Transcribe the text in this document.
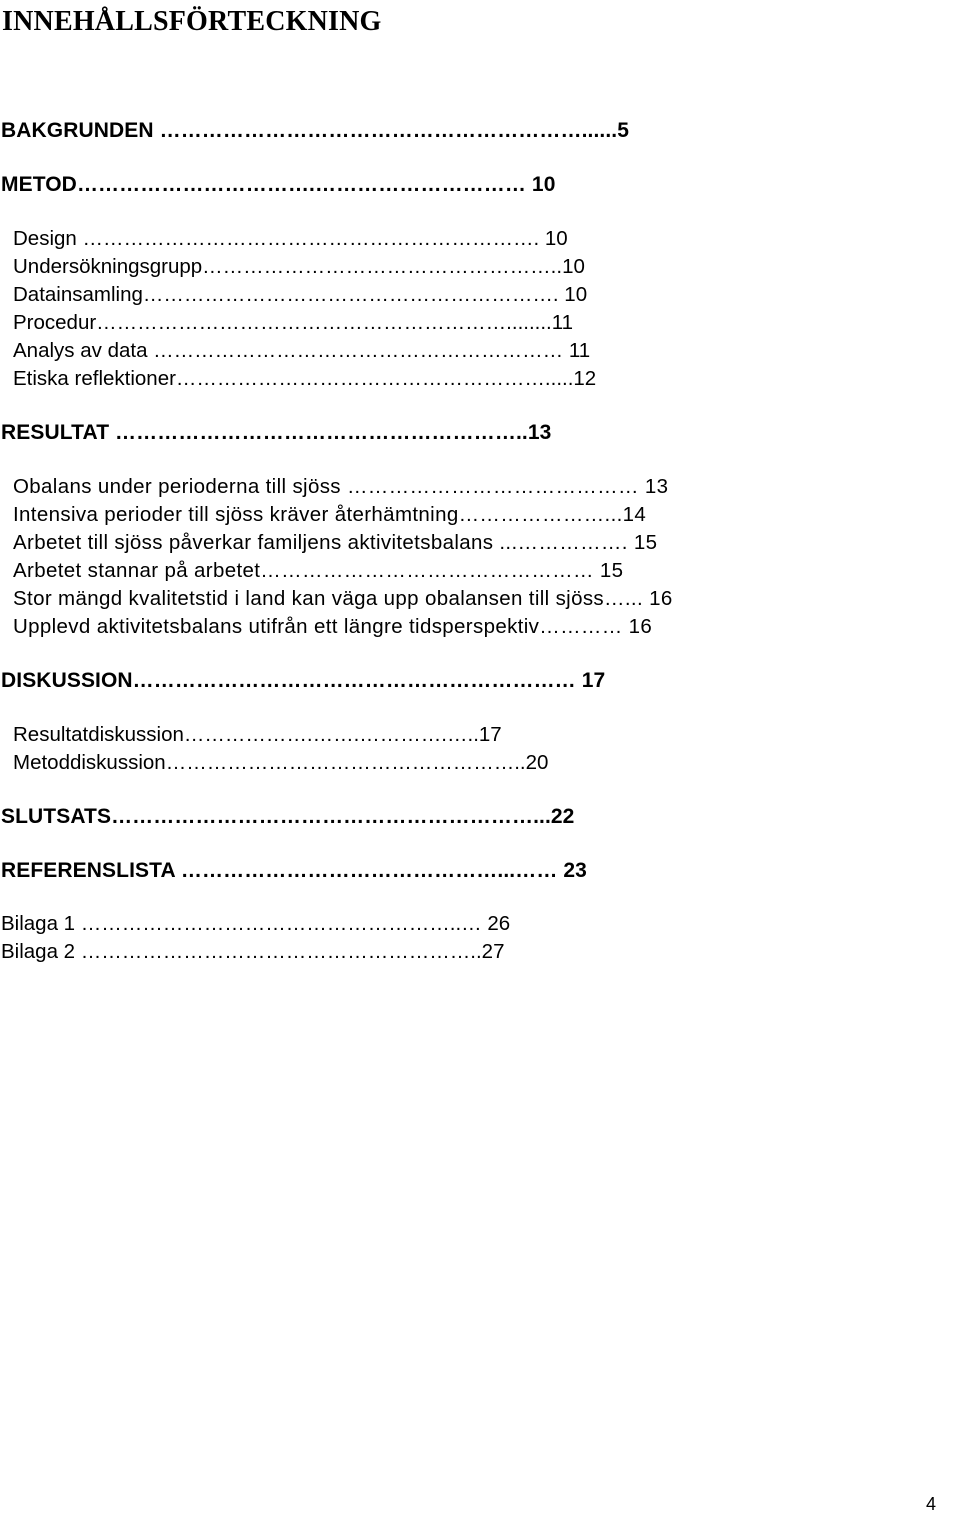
INNEHÅLLSFÖRTECKNING
BAKGRUNDEN ……………………………………………………......5
METOD…………………………….………………………… 10
Design …………………………………………………………. 10
Undersökningsgrupp……………………………………………..10
Datainsamling……………………………………………………. 10
Procedur……………………………………………………........11
Analys av data …………………………………………………… 11
Etiska reflektioner……………………………………………….....12
RESULTAT …………………………………………………..13
Obalans under perioderna till sjöss …………………………………… 13
Intensiva perioder till sjöss kräver återhämtning…………………...14
Arbetet till sjöss påverkar familjens aktivitetsbalans ...……………. 15
Arbetet stannar på arbetet………………………………………… 15
Stor mängd kvalitetstid i land kan väga upp obalansen till sjöss…... 16
Upplevd aktivitetsbalans utifrån ett längre tidsperspektiv………… 16
DISKUSSION……………………………………………………… 17
Resultatdiskussion……………….…….………….…..17
Metoddiskussion……………………………………………..20
SLUTSATS……………………………………………………...22
REFERENSLISTA ………………………………………...…… 23
Bilaga 1 ………………………………………………..… 26
Bilaga 2 …………………………………………………..27
4
